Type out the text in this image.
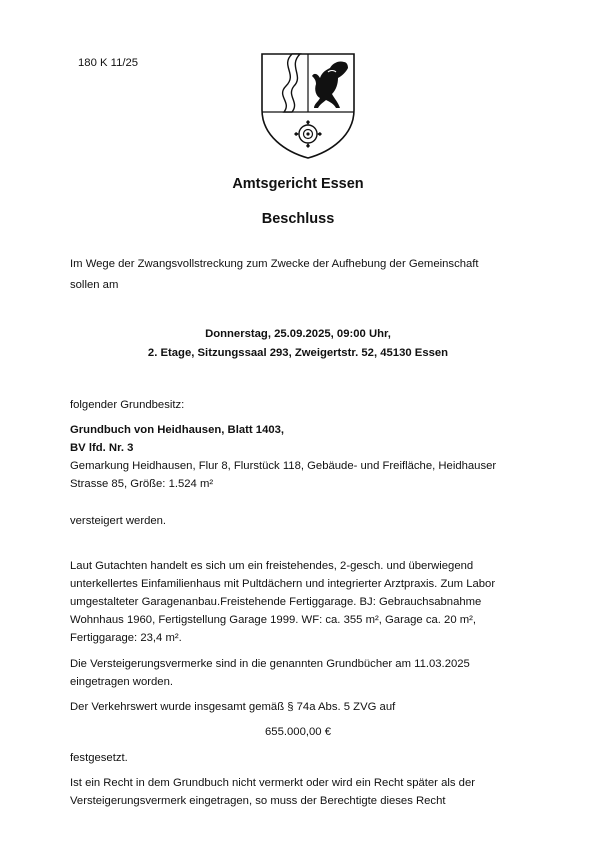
180 K 11/25
Amtsgericht Essen
Beschluss
Im Wege der Zwangsvollstreckung zum Zwecke der Aufhebung der Gemeinschaft
sollen am
Donnerstag, 25.09.2025, 09:00 Uhr,
2. Etage, Sitzungssaal 293, Zweigertstr. 52, 45130 Essen
folgender Grundbesitz:
Grundbuch von Heidhausen, Blatt 1403,
BV lfd. Nr. 3
Gemarkung Heidhausen, Flur 8, Flurstück 118, Gebäude- und Freifläche, Heidhauser
Strasse 85, Größe: 1.524 m²
versteigert werden.
Laut Gutachten handelt es sich um ein freistehendes, 2-gesch. und überwiegend
unterkellertes Einfamilienhaus mit Pultdächern und integrierter Arztpraxis. Zum Labor
umgestalteter Garagenanbau.Freistehende Fertiggarage. BJ: Gebrauchsabnahme
Wohnhaus 1960, Fertigstellung Garage 1999. WF: ca. 355 m², Garage ca. 20 m²,
Fertiggarage: 23,4 m².
Die Versteigerungsvermerke sind in die genannten Grundbücher am 11.03.2025
eingetragen worden.
Der Verkehrswert wurde insgesamt gemäß § 74a Abs. 5 ZVG auf
655.000,00 €
festgesetzt.
Ist ein Recht in dem Grundbuch nicht vermerkt oder wird ein Recht später als der
Versteigerungsvermerk eingetragen, so muss der Berechtigte dieses Recht
